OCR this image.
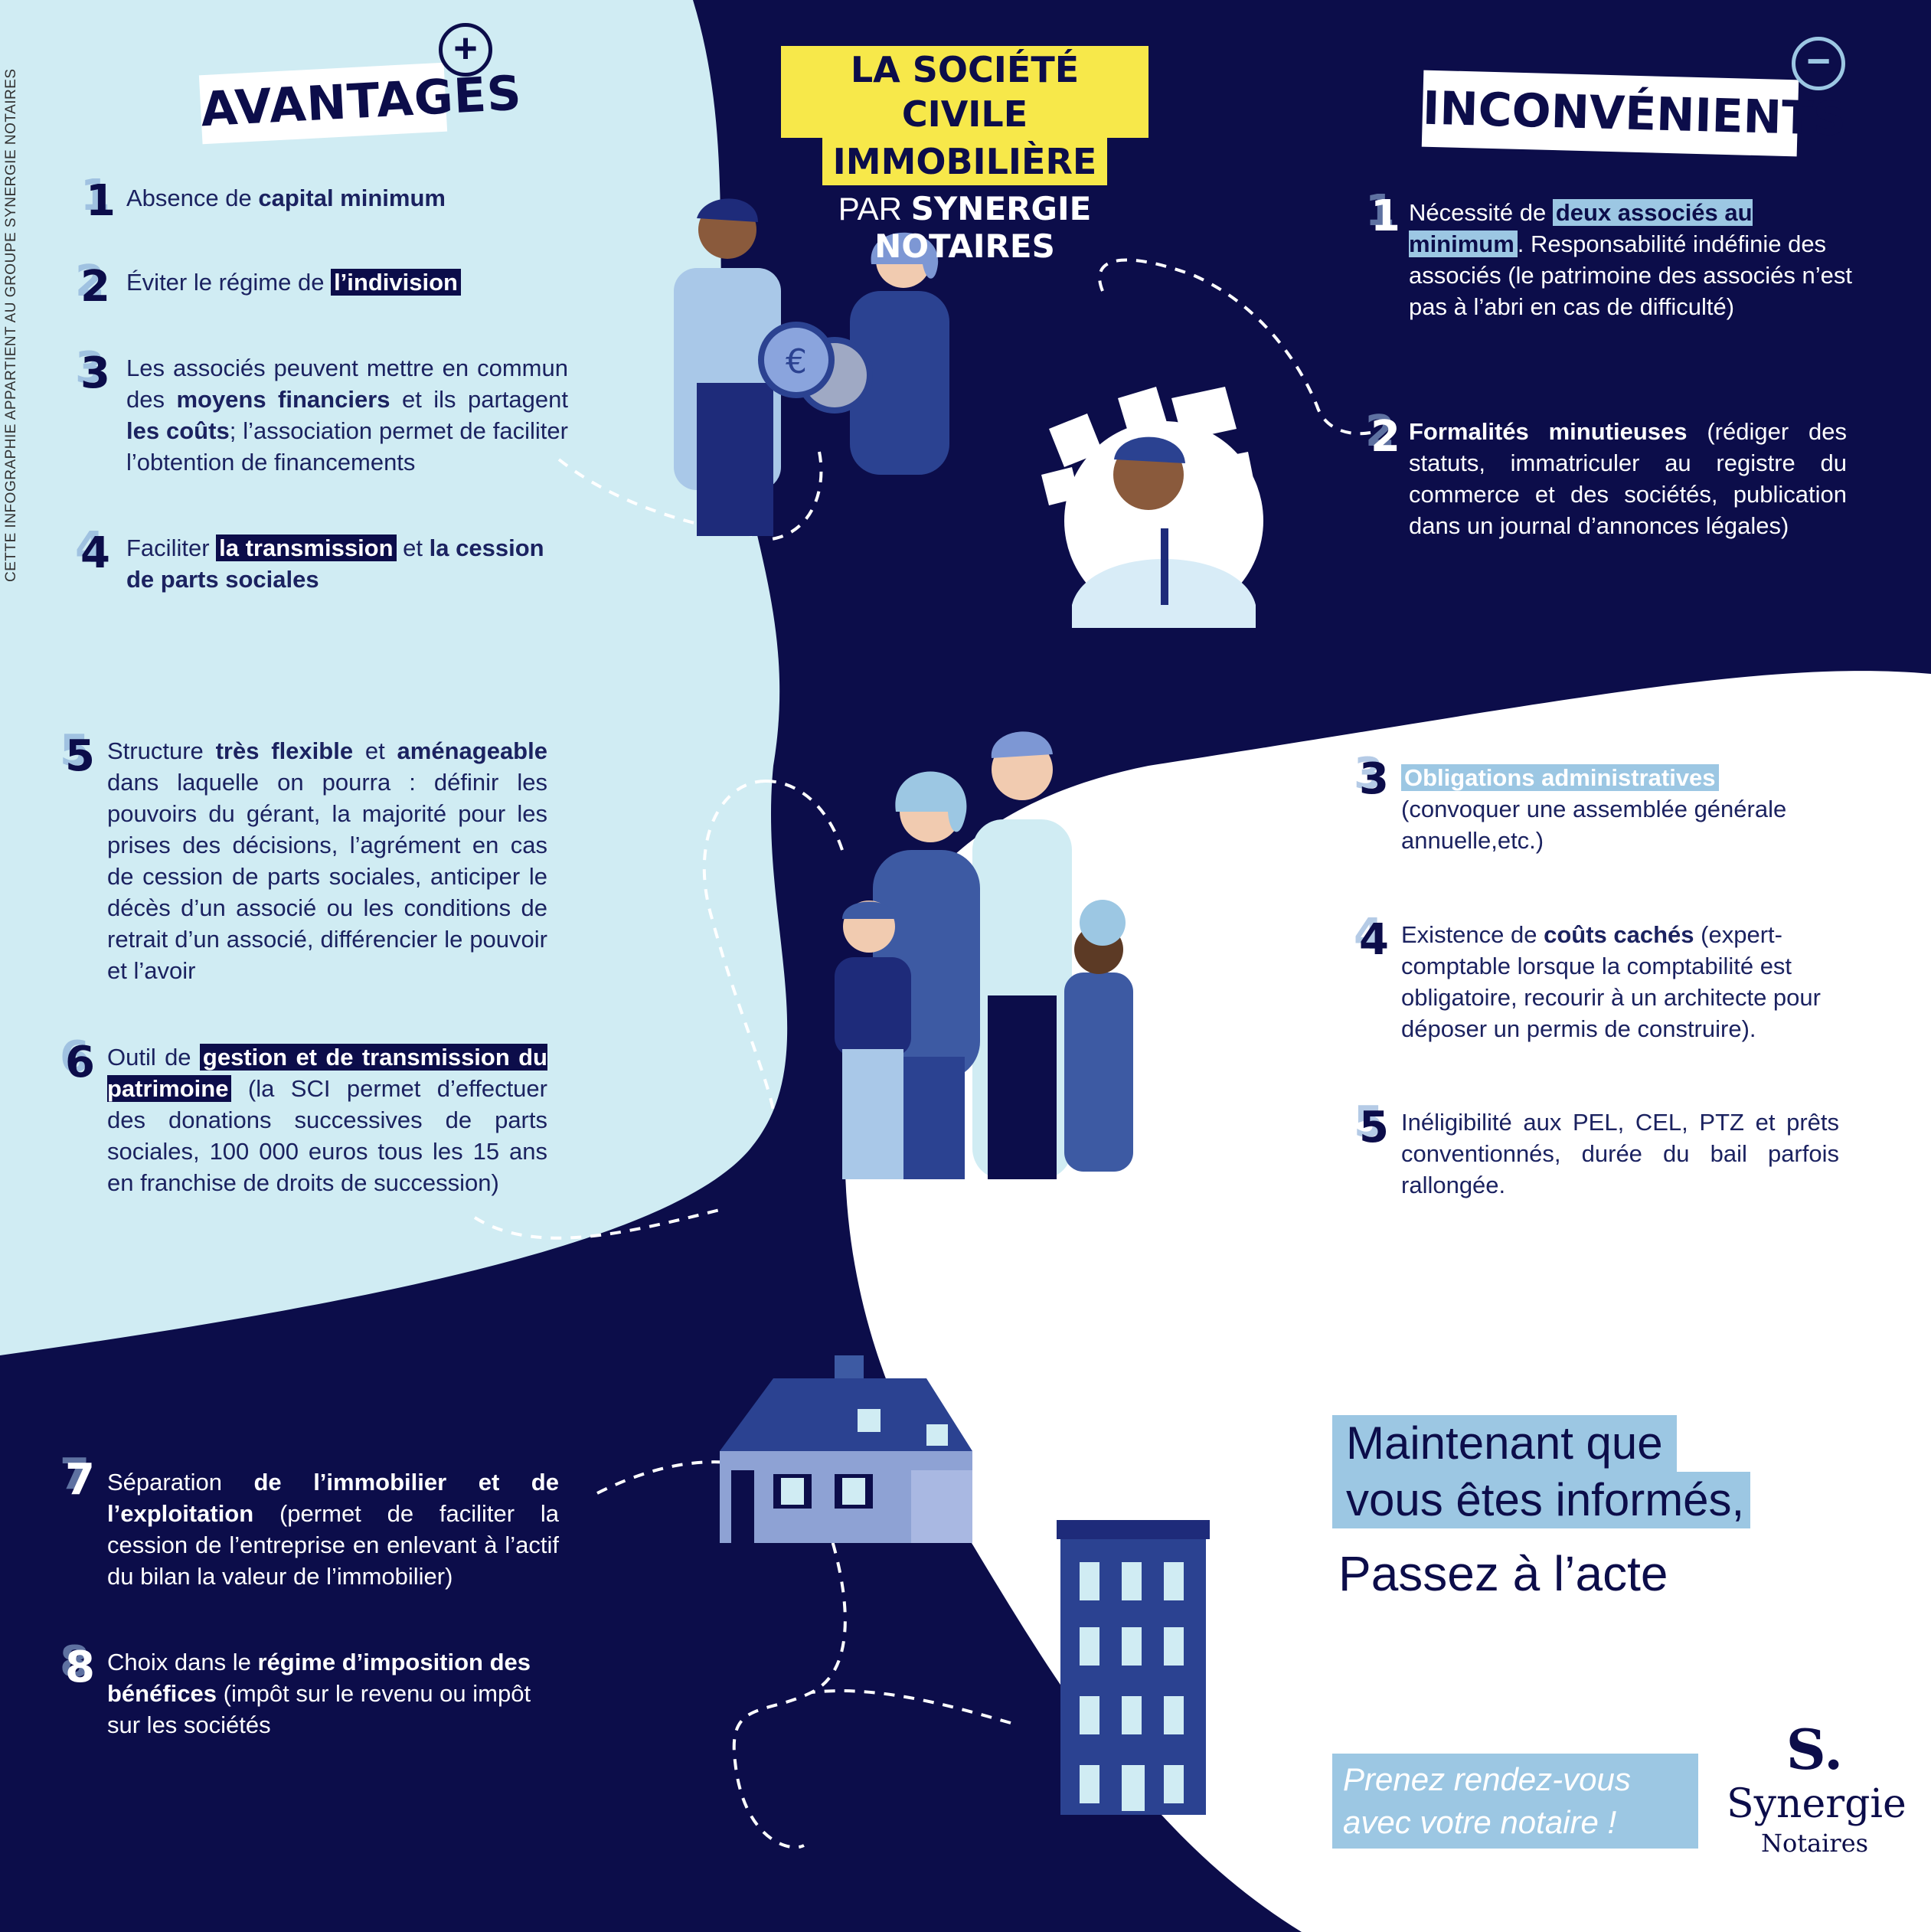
€
CETTE INFOGRAPHIE APPARTIENT AU GROUPE SYNERGIE NOTAIRES	AVANTAGES
+	LA SOCIÉTÉ CIVILE

IMMOBILIÈRE
PAR SYNERGIE NOTAIRES
INCONVÉNIENTS
−
1 Absence de capital minimum
2 Éviter le régime de l’indivision
3 Les associés peuvent mettre en commun des moyens financiers et ils partagent les coûts; l’association permet de faciliter l’obtention de financements
4 Faciliter la transmission et la cession de parts sociales
5 Structure très flexible et aménageable dans laquelle on pourra : définir les pouvoirs du gérant, la majorité pour les prises des décisions, l’agrément en cas de cession de parts sociales, anticiper le décès d’un associé ou les conditions de retrait d’un associé, différencier le pouvoir et l’avoir
6 Outil de gestion et de transmission du patrimoine (la SCI permet d’effectuer des donations successives de parts sociales, 100 000 euros tous les 15 ans en franchise de droits de succession)
7 Séparation de l’immobilier et de l’exploitation (permet de faciliter la cession de l’entreprise en enlevant à l’actif du bilan la valeur de l’immobilier)
8 Choix dans le régime d’imposition des bénéfices (impôt sur le revenu ou impôt sur les sociétés
1 Nécessité de deux associés au minimum . Responsabilité indéfinie des associés (le patrimoine des associés n’est pas à l’abri en cas de difficulté)
2 Formalités minutieuses (rédiger des statuts, immatriculer au registre du commerce et des sociétés, publication dans un journal d’annonces légales)
3 Obligations administratives (convoquer une assemblée générale annuelle,etc.)
4 Existence de coûts cachés (expert-comptable lorsque la comptabilité est obligatoire, recourir à un architecte pour déposer un permis de construire).
5 Inéligibilité aux PEL, CEL, PTZ et prêts conventionnés, durée du bail parfois rallongée.
Maintenant que
vous êtes informés,
Passez à l’acte
Prenez rendez-vous
avec votre notaire !
S.
Synergie
Notaires
